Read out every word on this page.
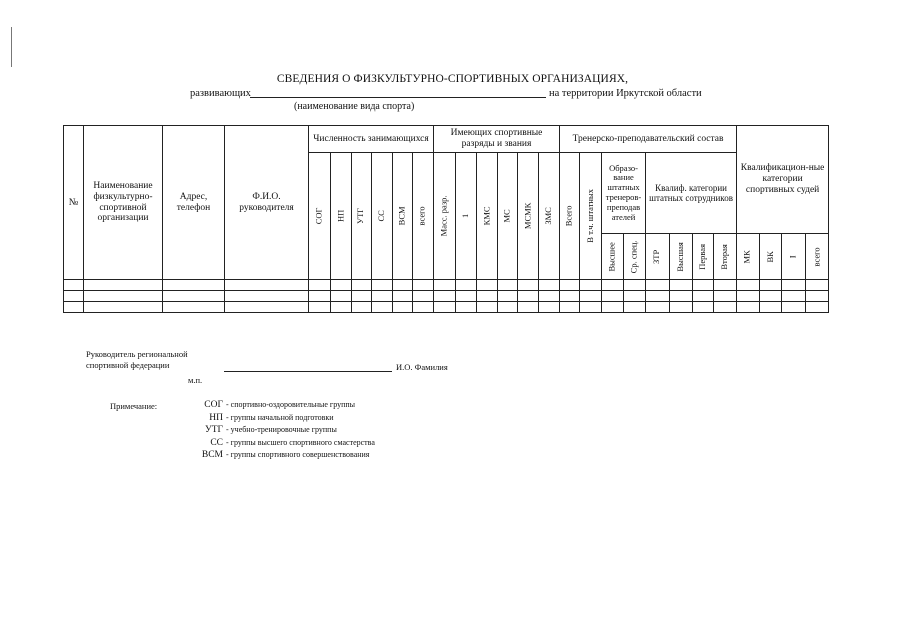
СВЕДЕНИЯ О ФИЗКУЛЬТУРНО-СПОРТИВНЫХ ОРГАНИЗАЦИЯХ,
развивающих	на территории Иркутской области
(наименование вида спорта)
№	Наименование физкультурно-спортивной организации	Адрес, телефон	Ф.И.О. руководителя	Численность занимающихся						Имеющих спортивные разряды и звания						Тренерско-преподавательский состав								Квалификацион-ные категории спортивных судей			

				СОГ	НП	УТГ	СС	ВСМ	всего	Масс. разр.	1	КМС	МС	МСМК	ЗМС	Всего	В т.ч. штатных	Образо-вание штатных тренеров-преподав ателей		Квалиф. категории штатных сотрудников							

																		Высшее	Ср. спец.	ЗТР	Высшая	Первая	Вторая	МК	ВК	I	всего

Руководитель региональной
спортивной федерации	И.О. Фамилия
м.п.
Примечание:	СОГ - спортивно-оздоровительные группы
НП - группы начальной подготовки
УТГ - учебно-тренировочные группы
СС - группы высшего спортивного смастерства
ВСМ - группы спортивного совершенствования
